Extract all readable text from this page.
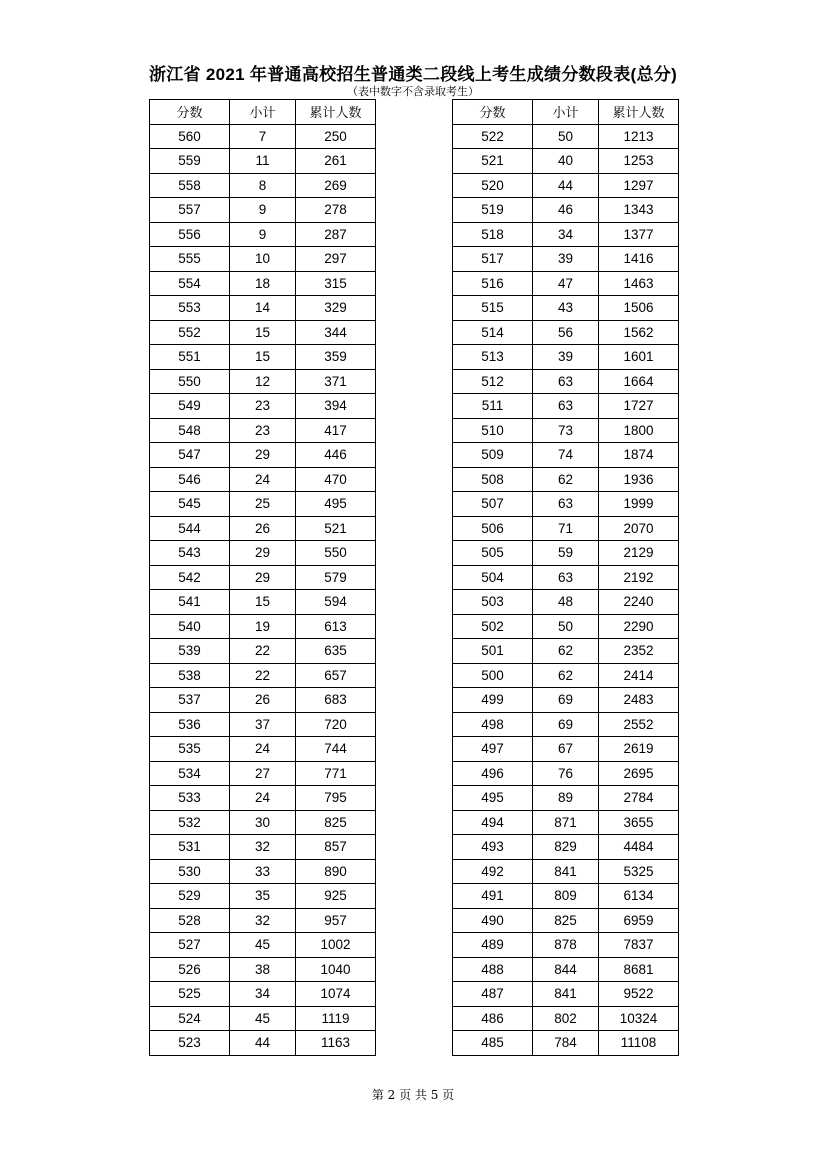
浙江省 2021 年普通高校招生普通类二段线上考生成绩分数段表(总分)
（表中数字不含录取考生）
分数	小计	累计人数
560	7	250
559	11	261
558	8	269
557	9	278
556	9	287
555	10	297
554	18	315
553	14	329
552	15	344
551	15	359
550	12	371
549	23	394
548	23	417
547	29	446
546	24	470
545	25	495
544	26	521
543	29	550
542	29	579
541	15	594
540	19	613
539	22	635
538	22	657
537	26	683
536	37	720
535	24	744
534	27	771
533	24	795
532	30	825
531	32	857
530	33	890
529	35	925
528	32	957
527	45	1002
526	38	1040
525	34	1074
524	45	1119
523	44	1163
分数	小计	累计人数
522	50	1213
521	40	1253
520	44	1297
519	46	1343
518	34	1377
517	39	1416
516	47	1463
515	43	1506
514	56	1562
513	39	1601
512	63	1664
511	63	1727
510	73	1800
509	74	1874
508	62	1936
507	63	1999
506	71	2070
505	59	2129
504	63	2192
503	48	2240
502	50	2290
501	62	2352
500	62	2414
499	69	2483
498	69	2552
497	67	2619
496	76	2695
495	89	2784
494	871	3655
493	829	4484
492	841	5325
491	809	6134
490	825	6959
489	878	7837
488	844	8681
487	841	9522
486	802	10324
485	784	11108
第 2 页 共 5 页
